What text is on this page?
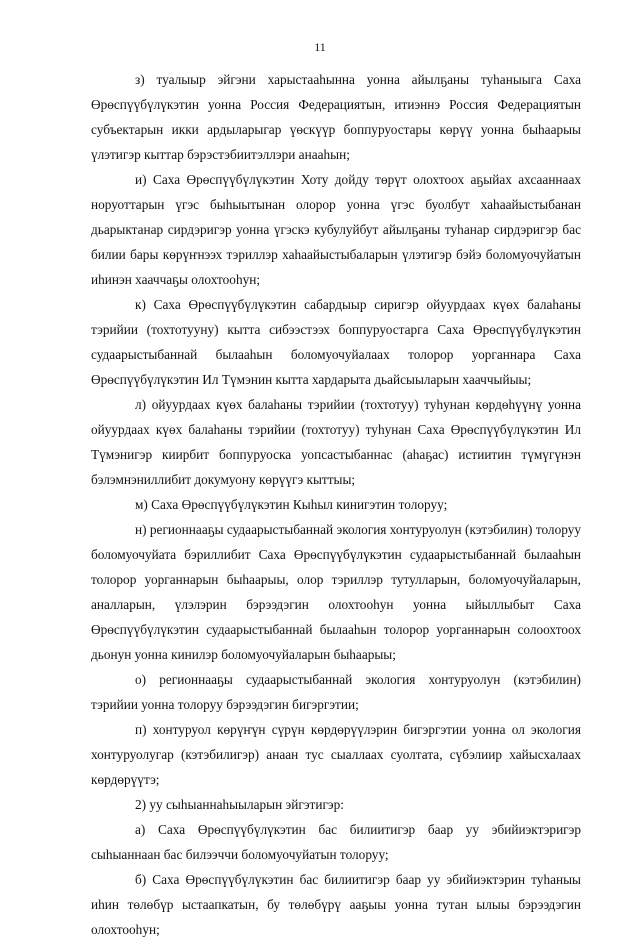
11

з) туалыыр эйгэни харыстааһынна уонна айылҕаны туһаныыга Саха Өрөспүүбүлүкэтин уонна Россия Федерациятын, итиэннэ Россия Федерациятын субъектарын икки ардыларыгар үөскүүр боппуруостары көрүү уонна быһаарыы үлэтигэр кыттар бэрэстэбиитэллэри анааһын;

и) Саха Өрөспүүбүлүкэтин Хоту дойду төрүт олохтоох аҕыйах ахсааннаах норуоттарын үгэс быһыытынан олорор уонна үгэс буолбут хаһаайыстыбанан дьарыктанар сирдэригэр уонна үгэскэ кубулуйбут айылҕаны туһанар сирдэригэр бас билии бары көрүҥнээх тэриллэр хаһаайыстыбаларын үлэтигэр бэйэ боломуочуйатын иһинэн хааччаҕы олохтооһун;

к) Саха Өрөспүүбүлүкэтин сабардыыр сиригэр ойуурдаах күөх балаһаны тэрийии (тохтотууну) кытта сибээстээх боппуруостарга Саха Өрөспүүбүлүкэтин судаарыстыбаннай былааһын боломуочуйалаах толорор уорганнара Саха Өрөспүүбүлүкэтин Ил Түмэнин кытта хардарыта дьайсыыларын хааччыйыы;

л) ойуурдаах күөх балаһаны тэрийии (тохтотуу) туһунан көрдөһүүнү уонна ойуурдаах күөх балаһаны тэрийии (тохтотуу) туһунан Саха Өрөспүүбүлүкэтин Ил Түмэнигэр киирбит боппуруоска уопсастыбаннас (аһаҕас) истиитин түмүгүнэн бэлэмнэниллибит докумуону көрүүгэ кыттыы;

м) Саха Өрөспүүбүлүкэтин Кыһыл кинигэтин толоруу;

н) регионнааҕы судаарыстыбаннай экология хонтуруолун (кэтэбилин) толоруу боломуочуйата бэриллибит Саха Өрөспүүбүлүкэтин судаарыстыбаннай былааһын толорор уорганнарын быһаарыы, олор тэриллэр тутулларын, боломуочуйаларын, аналларын, үлэлэрин бэрээдэгин олохтооһун уонна ыйыллыбыт Саха Өрөспүүбүлүкэтин судаарыстыбаннай былааһын толорор уорганнарын солоохтоох дьонун уонна кинилэр боломуочуйаларын быһаарыы;

о) регионнааҕы судаарыстыбаннай экология хонтуруолун (кэтэбилин) тэрийии уонна толоруу бэрээдэгин бигэргэтии;

п) хонтуруол көрүҥүн сүрүн көрдөрүүлэрин бигэргэтии уонна ол экология хонтуруолугар (кэтэбилигэр) анаан тус сыаллаах суолтата, сүбэлиир хайысхалаах көрдөрүүтэ;

2) уу сыһыаннаһыыларын эйгэтигэр:

а) Саха Өрөспүүбүлүкэтин бас билиитигэр баар уу эбийиэктэригэр сыһыаннаан бас билээччи боломуочуйатын толоруу;

б) Саха Өрөспүүбүлүкэтин бас билиитигэр баар уу эбийиэктэрин туһаныы иһин төлөбүр ыстаапкатын, бу төлөбүрү ааҕыы уонна тутан ылыы бэрээдэгин олохтооһун;
